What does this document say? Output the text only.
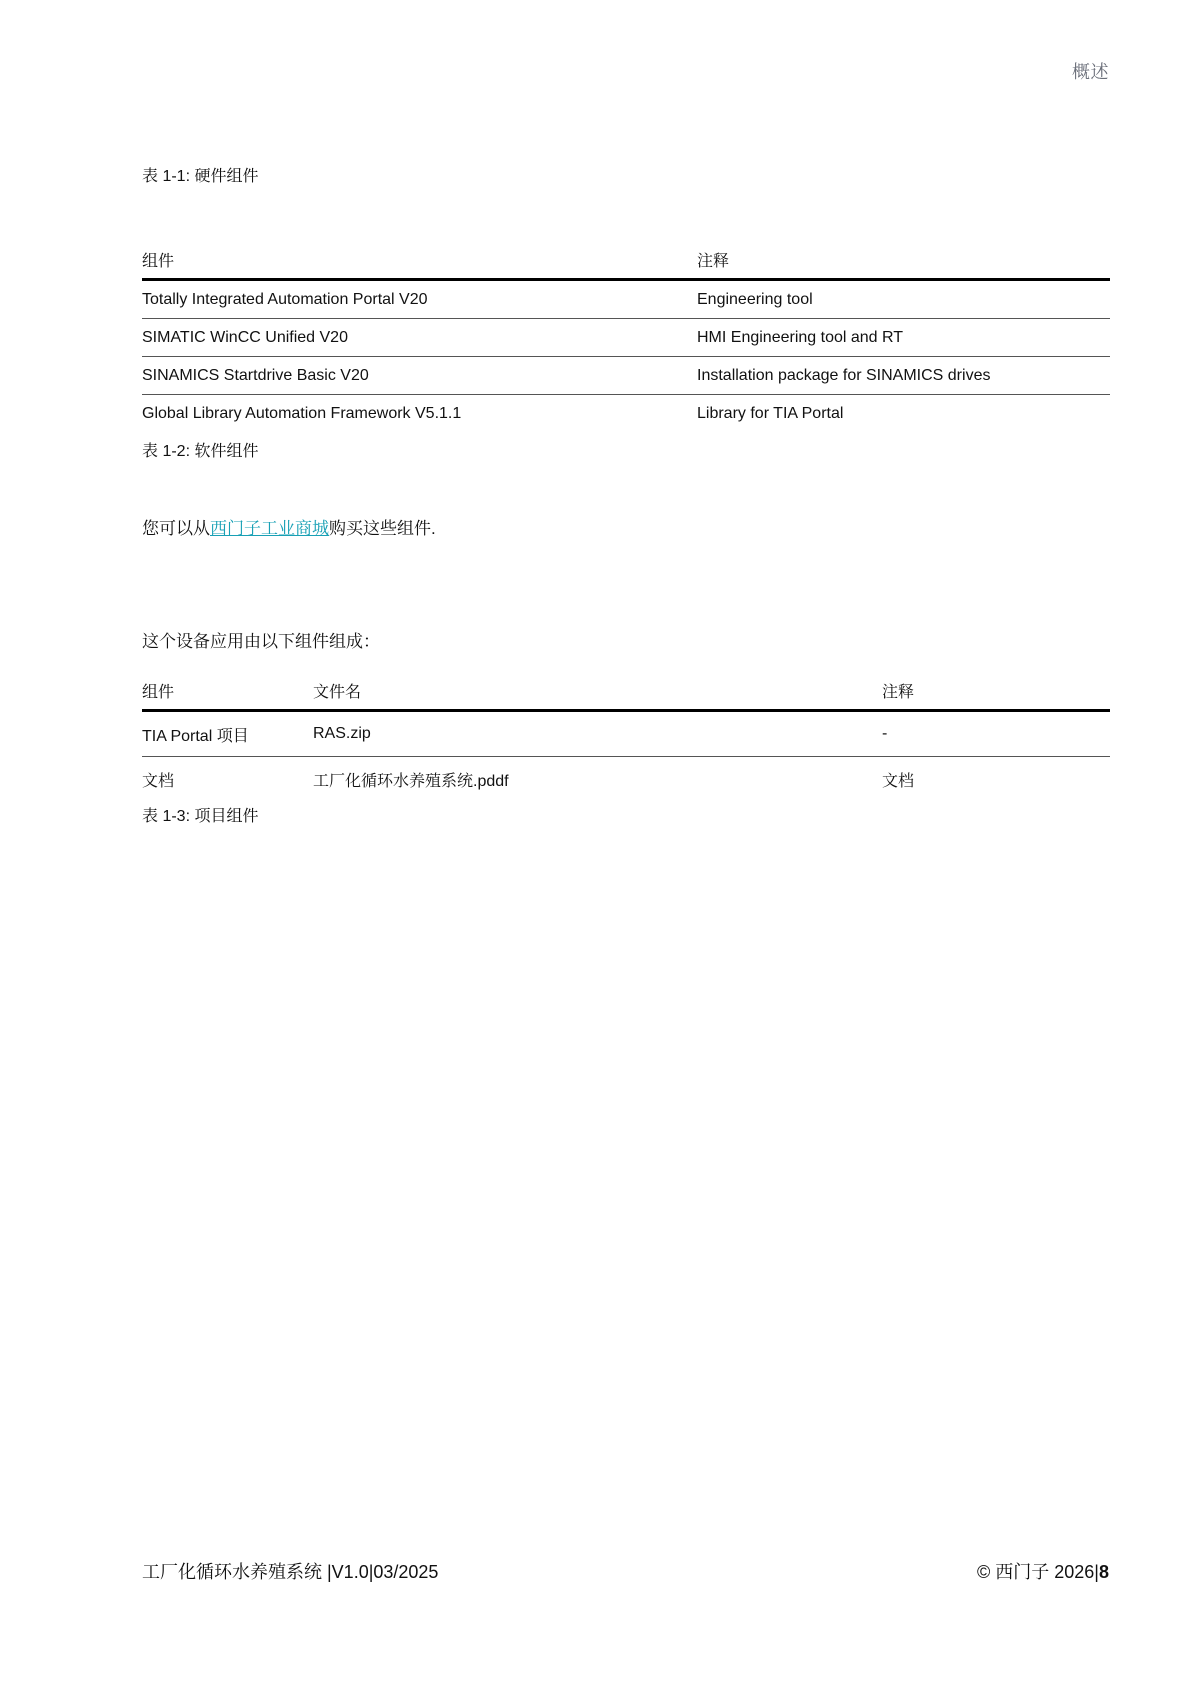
概述
表 1-1: 硬件组件
组件	注释
Totally Integrated Automation Portal V20	Engineering tool
SIMATIC WinCC Unified V20	HMI Engineering tool and RT
SINAMICS Startdrive Basic V20	Installation package for SINAMICS drives
Global Library Automation Framework V5.1.1	Library for TIA Portal
表 1-2: 软件组件
您可以从西门子工业商城购买这些组件.
这个设备应用由以下组件组成：
组件	文件名	注释
TIA Portal 项目	RAS.zip	-
文档	工厂化循环水养殖系统.pddf	文档
表 1-3: 项目组件
工厂化循环水养殖系统 |V1.0|03/2025	© 西门子 2026|8
